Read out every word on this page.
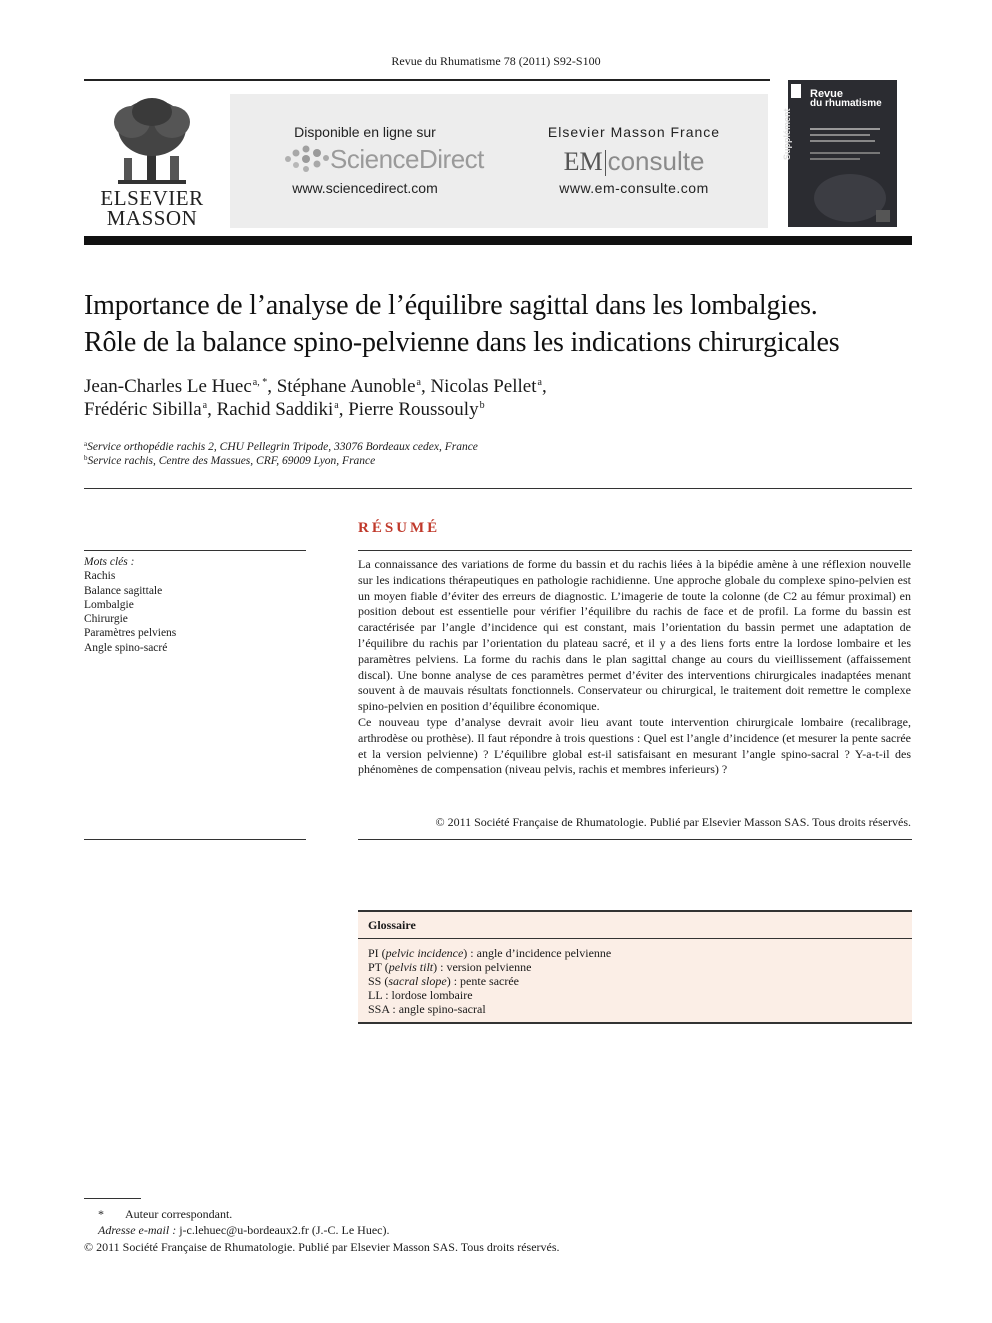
Revue du Rhumatisme 78 (2011) S92-S100
ELSEVIER
MASSON
Disponible en ligne sur
ScienceDirect
www.sciencedirect.com
Elsevier Masson France
EM consulte
www.em-consulte.com
Revue
du rhumatisme
Supplément
Importance de l’analyse de l’équilibre sagittal dans les lombalgies.
Rôle de la balance spino-pelvienne dans les indications chirurgicales
Jean-Charles Le Huec$^{a, *}$, Stéphane Aunoble$^a$, Nicolas Pellet$^a$,
Frédéric Sibilla$^a$, Rachid Saddiki$^a$, Pierre Roussouly$^b$
$^a$Service orthopédie rachis 2, CHU Pellegrin Tripode, 33076 Bordeaux cedex, France
$^b$Service rachis, Centre des Massues, CRF, 69009 Lyon, France
Mots clés :
Rachis
Balance sagittale
Lombalgie
Chirurgie
Paramètres pelviens
Angle spino-sacré
RÉSUMÉ

La connaissance des variations de forme du bassin et du rachis liées à la bipédie amène à une réflexion nouvelle sur les indications thérapeutiques en pathologie rachidienne. Une approche globale du complexe spino-pelvien est un moyen fiable d’éviter des erreurs de diagnostic. L’imagerie de toute la colonne (de C2 au fémur proximal) en position debout est essentielle pour vérifier l’équilibre du rachis de face et de profil. La forme du bassin est caractérisée par l’angle d’incidence qui est constant, mais l’orientation du bassin permet une adaptation de l’équilibre du rachis par l’orientation du plateau sacré, et il y a des liens forts entre la lordose lombaire et les paramètres pelviens. La forme du rachis dans le plan sagittal change au cours du vieillissement (affaissement discal). Une bonne analyse de ces paramètres permet d’éviter des interventions chirurgicales inadaptées menant souvent à de mauvais résultats fonctionnels. Conservateur ou chirurgical, le traitement doit remettre le complexe spino-pelvien en position d’équilibre économique.

Ce nouveau type d’analyse devrait avoir lieu avant toute intervention chirurgicale lombaire (recalibrage, arthrodèse ou prothèse). Il faut répondre à trois questions : Quel est l’angle d’incidence (et mesurer la pente sacrée et la version pelvienne) ? L’équilibre global est-il satisfaisant en mesurant l’angle spino-sacral ? Y-a-t-il des phénomènes de compensation (niveau pelvis, rachis et membres inferieurs) ?

© 2011 Société Française de Rhumatologie. Publié par Elsevier Masson SAS. Tous droits réservés.
Glossaire
PI (pelvic incidence) : angle d’incidence pelvienne
PT (pelvis tilt) : version pelvienne
SS (sacral slope) : pente sacrée
LL : lordose lombaire
SSA : angle spino-sacral
* Auteur correspondant.
Adresse e-mail : j-c.lehuec@u-bordeaux2.fr (J.-C. Le Huec).
© 2011 Société Française de Rhumatologie. Publié par Elsevier Masson SAS. Tous droits réservés.
